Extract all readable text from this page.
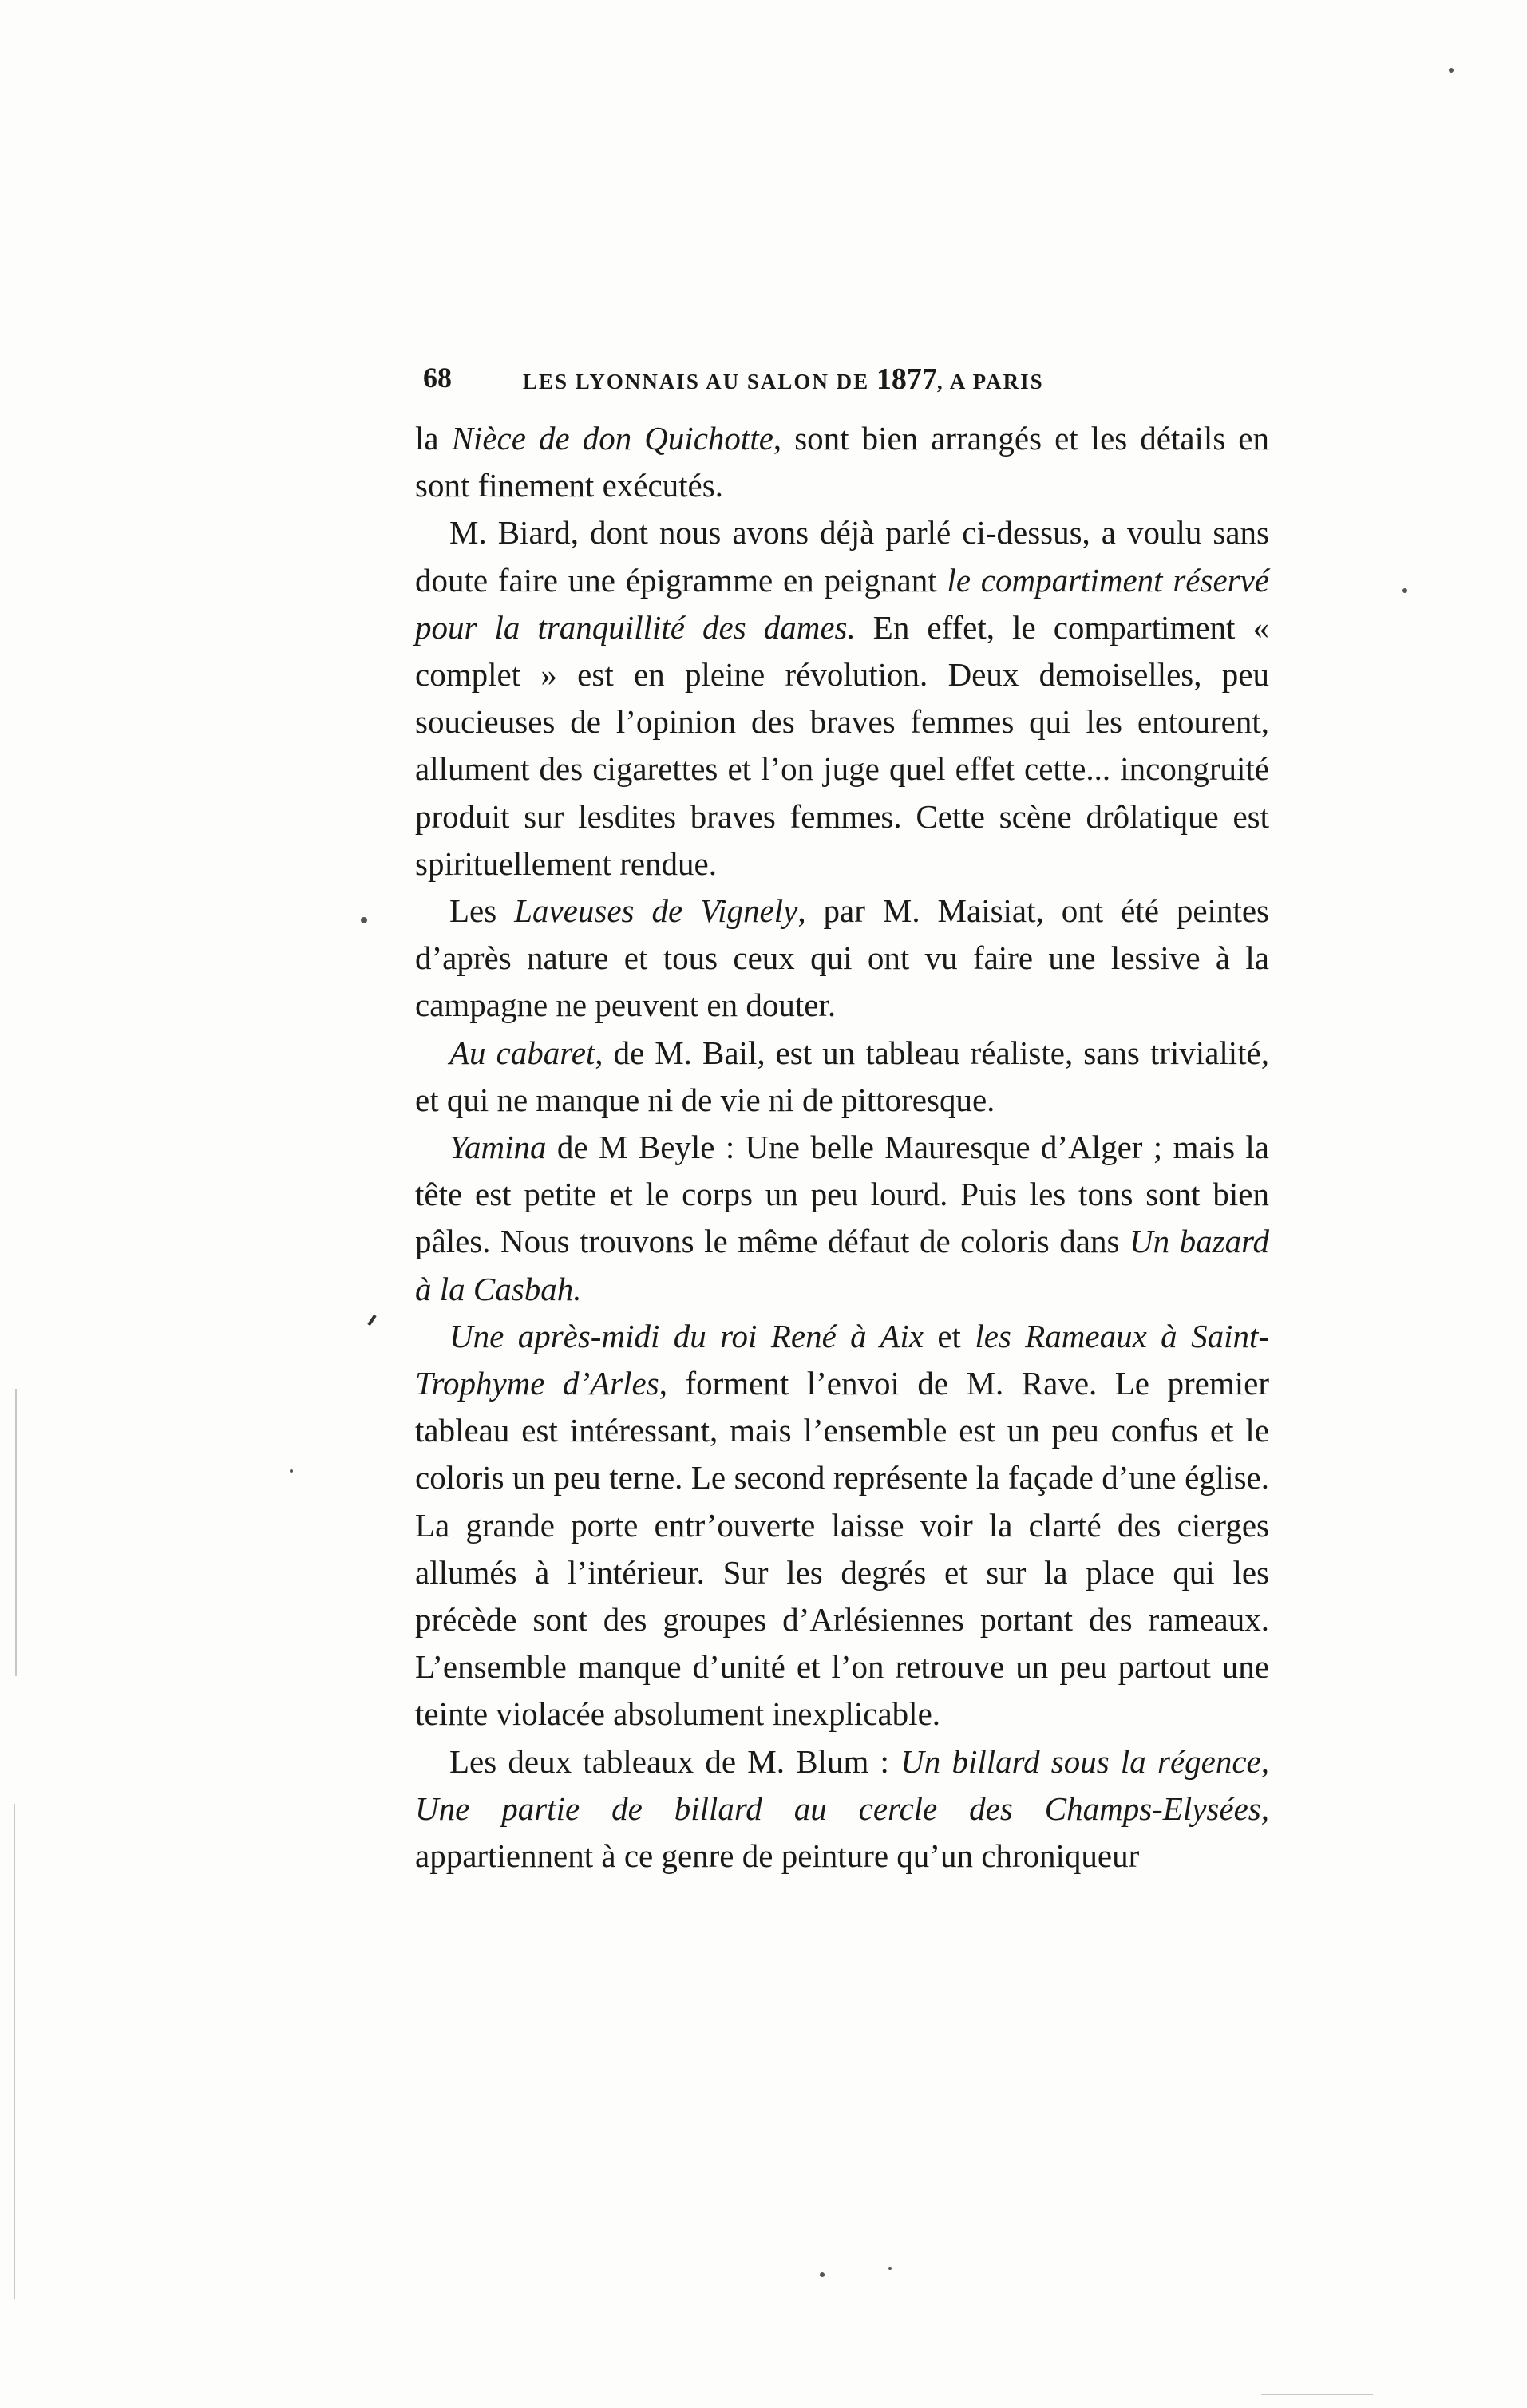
68	LES LYONNAIS AU SALON DE 1877, A PARIS

la Nièce de don Quichotte, sont bien arrangés et les détails en sont finement exécutés.

M. Biard, dont nous avons déjà parlé ci-dessus, a voulu sans doute faire une épigramme en peignant le compartiment réservé pour la tranquillité des dames. En effet, le compartiment « complet » est en pleine révolution. Deux demoiselles, peu soucieuses de l’opinion des braves femmes qui les entourent, allument des cigarettes et l’on juge quel effet cette... incongruité produit sur lesdites braves femmes. Cette scène drôlatique est spirituellement rendue.

Les Laveuses de Vignely, par M. Maisiat, ont été peintes d’après nature et tous ceux qui ont vu faire une lessive à la campagne ne peuvent en douter.

Au cabaret, de M. Bail, est un tableau réaliste, sans trivialité, et qui ne manque ni de vie ni de pittoresque.

Yamina de M Beyle : Une belle Mauresque d’Alger ; mais la tête est petite et le corps un peu lourd. Puis les tons sont bien pâles. Nous trouvons le même défaut de coloris dans Un bazard à la Casbah.

Une après-midi du roi René à Aix et les Rameaux à Saint-Trophyme d’Arles, forment l’envoi de M. Rave. Le premier tableau est intéressant, mais l’ensemble est un peu confus et le coloris un peu terne. Le second représente la façade d’une église. La grande porte entr’ouverte laisse voir la clarté des cierges allumés à l’intérieur. Sur les degrés et sur la place qui les précède sont des groupes d’Arlésiennes portant des rameaux. L’ensemble manque d’unité et l’on retrouve un peu partout une teinte violacée absolument inexplicable.

Les deux tableaux de M. Blum : Un billard sous la régence, Une partie de billard au cercle des Champs-Elysées, appartiennent à ce genre de peinture qu’un chroniqueur
